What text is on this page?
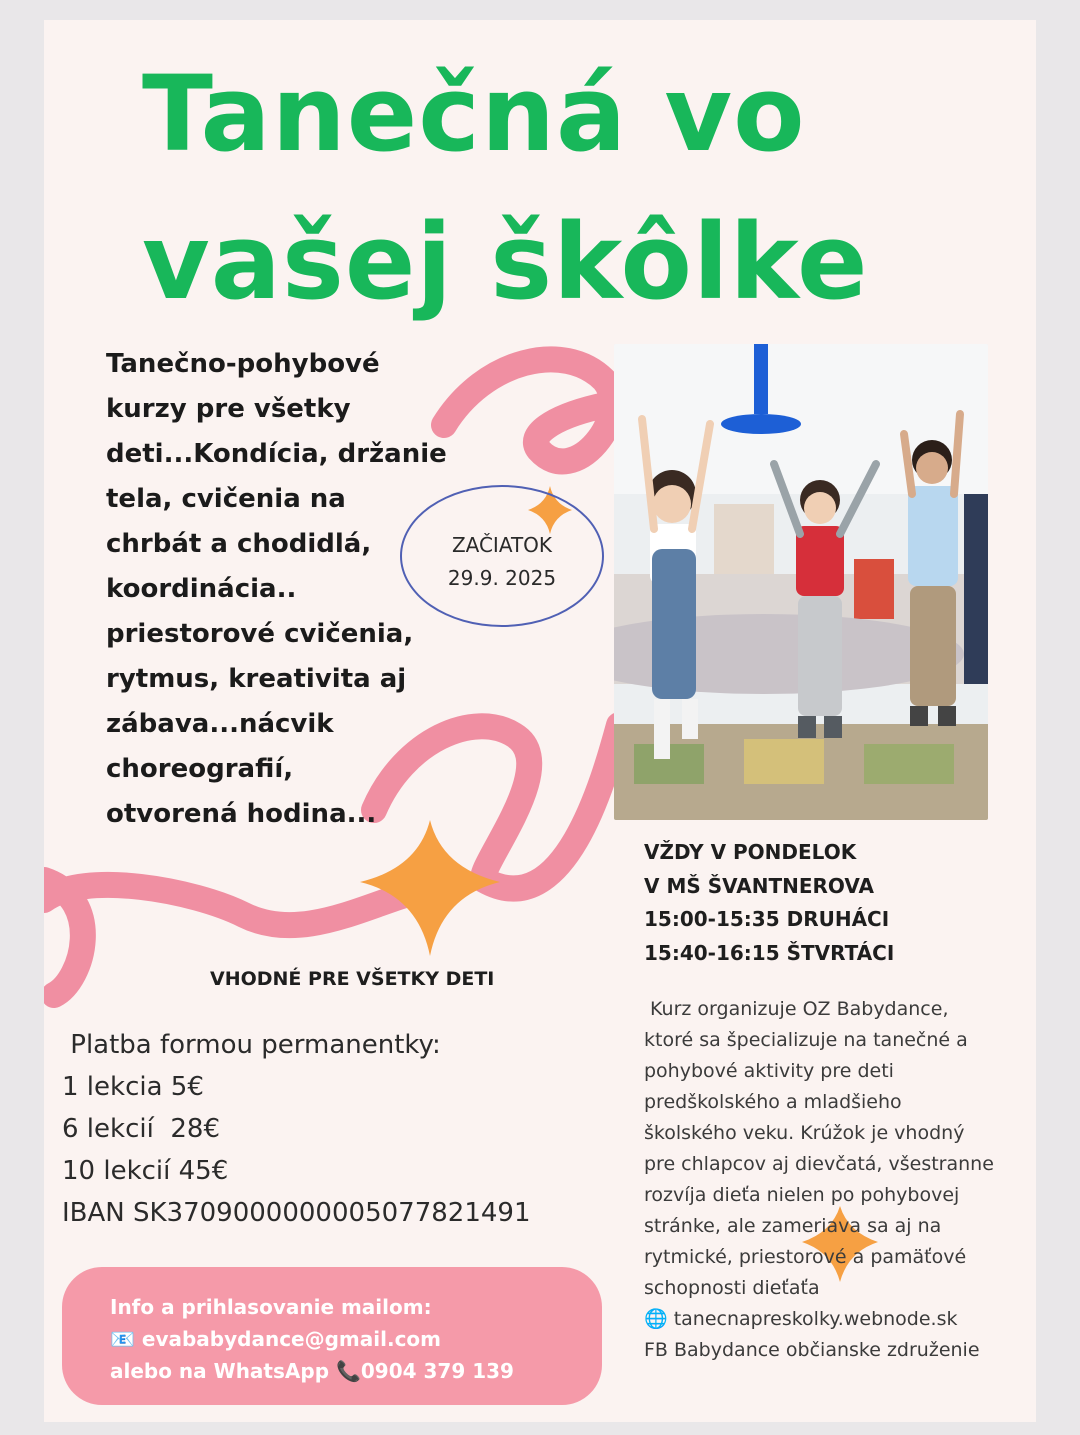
Tanečná vo
vašej škôlke
Tanečno-pohybové
kurzy pre všetky
deti...Kondícia, držanie
tela, cvičenia na
chrbát a chodidlá,
koordinácia..
priestorové cvičenia,
rytmus, kreativita aj
zábava...nácvik
choreografií,
otvorená hodina...
ZAČIATOK
29.9. 2025
VŽDY V PONDELOK
V MŠ ŠVANTNEROVA
15:00-15:35 DRUHÁCI
15:40-16:15 ŠTVRTÁCI
VHODNÉ PRE VŠETKY DETI
Platba formou permanentky:
1 lekcia 5€
6 lekcií  28€
10 lekcií 45€
IBAN SK3709000000005077821491
Kurz organizuje OZ Babydance,
ktoré sa špecializuje na tanečné a
pohybové aktivity pre deti
predškolského a mladšieho
školského veku. Krúžok je vhodný
pre chlapcov aj dievčatá, všestranne
rozvíja dieťa nielen po pohybovej
stránke, ale zameriava sa aj na
rytmické, priestorové a pamäťové
schopnosti dieťaťa
🌐 tanecnapreskolky.webnode.sk
FB Babydance občianske združenie
Info a prihlasovanie mailom:
📧 evababydance@gmail.com
alebo na WhatsApp 📞0904 379 139
